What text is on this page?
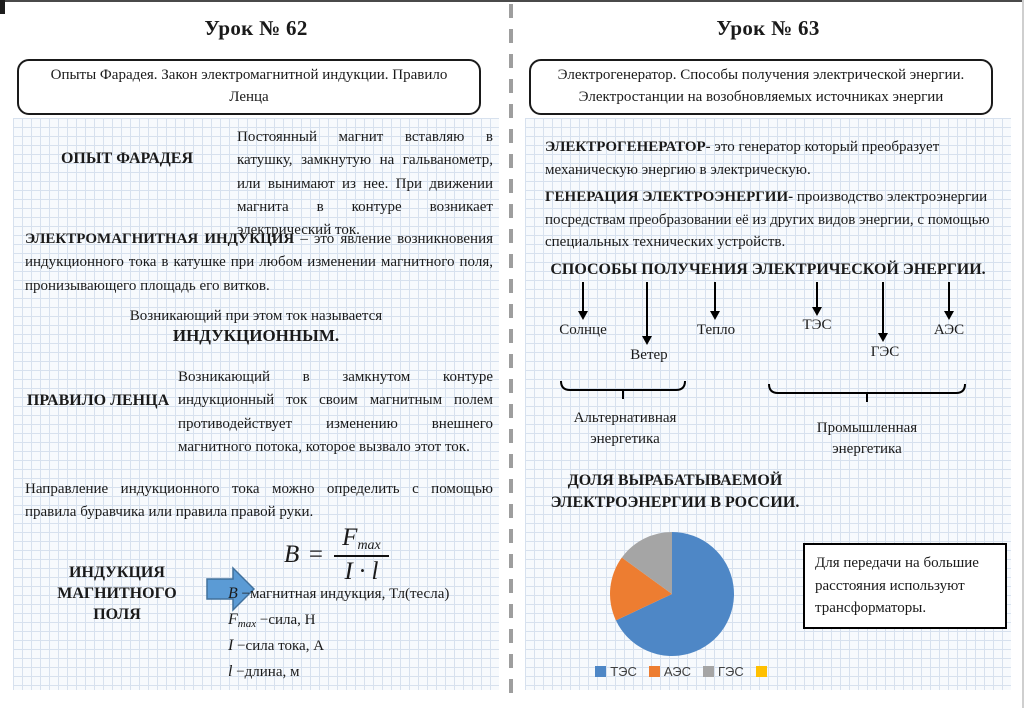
Урок № 62
Опыты Фарадея. Закон электромагнитной индукции. Правило Ленца
ОПЫТ ФАРАДЕЯ
Постоянный магнит вставляю в катушку, замкнутую на гальванометр, или вынимают из нее. При движении магнита в контуре возникает электрический ток.
ЭЛЕКТРОМАГНИТНАЯ ИНДУКЦИЯ – это явление возникновения индукционного тока в катушке при любом изменении магнитного поля, пронизывающего площадь его витков.
Возникающий при этом ток называется
ИНДУКЦИОННЫМ.
ПРАВИЛО ЛЕНЦА
Возникающий в замкнутом контуре индукционный ток своим магнитным полем противодействует изменению внешнего магнитного потока, которое вызвало этот ток.
Направление индукционного тока можно определить с помощью правила буравчика или правила правой руки.
ИНДУКЦИЯ МАГНИТНОГО ПОЛЯ
$B = \frac{Fmax}{I \cdot l}$
B −магнитная индукция, Тл(тесла)
$F_{max}$ −сила, Н
I −сила тока, А
l −длина, м
Урок № 63
Электрогенератор. Способы получения электрической энергии. Электростанции на возобновляемых источниках энергии
ЭЛЕКТРОГЕНЕРАТОР- это генератор который преобразует механическую энергию в электрическую.
ГЕНЕРАЦИЯ ЭЛЕКТРОЭНЕРГИИ- производство электроэнергии посредствам преобразовании её из других видов энергии, с помощью специальных технических устройств.
СПОСОБЫ ПОЛУЧЕНИЯ ЭЛЕКТРИЧЕСКОЙ ЭНЕРГИИ.
Солнце
Ветер
Тепло	ТЭС
ГЭС
АЭС
Альтернативная энергетика
Промышленная энергетика
ДОЛЯ ВЫРАБАТЫВАЕМОЙ ЭЛЕКТРОЭНЕРГИИ В РОССИИ.
ТЭС АЭС ГЭС
Для передачи на большие расстояния используют трансформаторы.
